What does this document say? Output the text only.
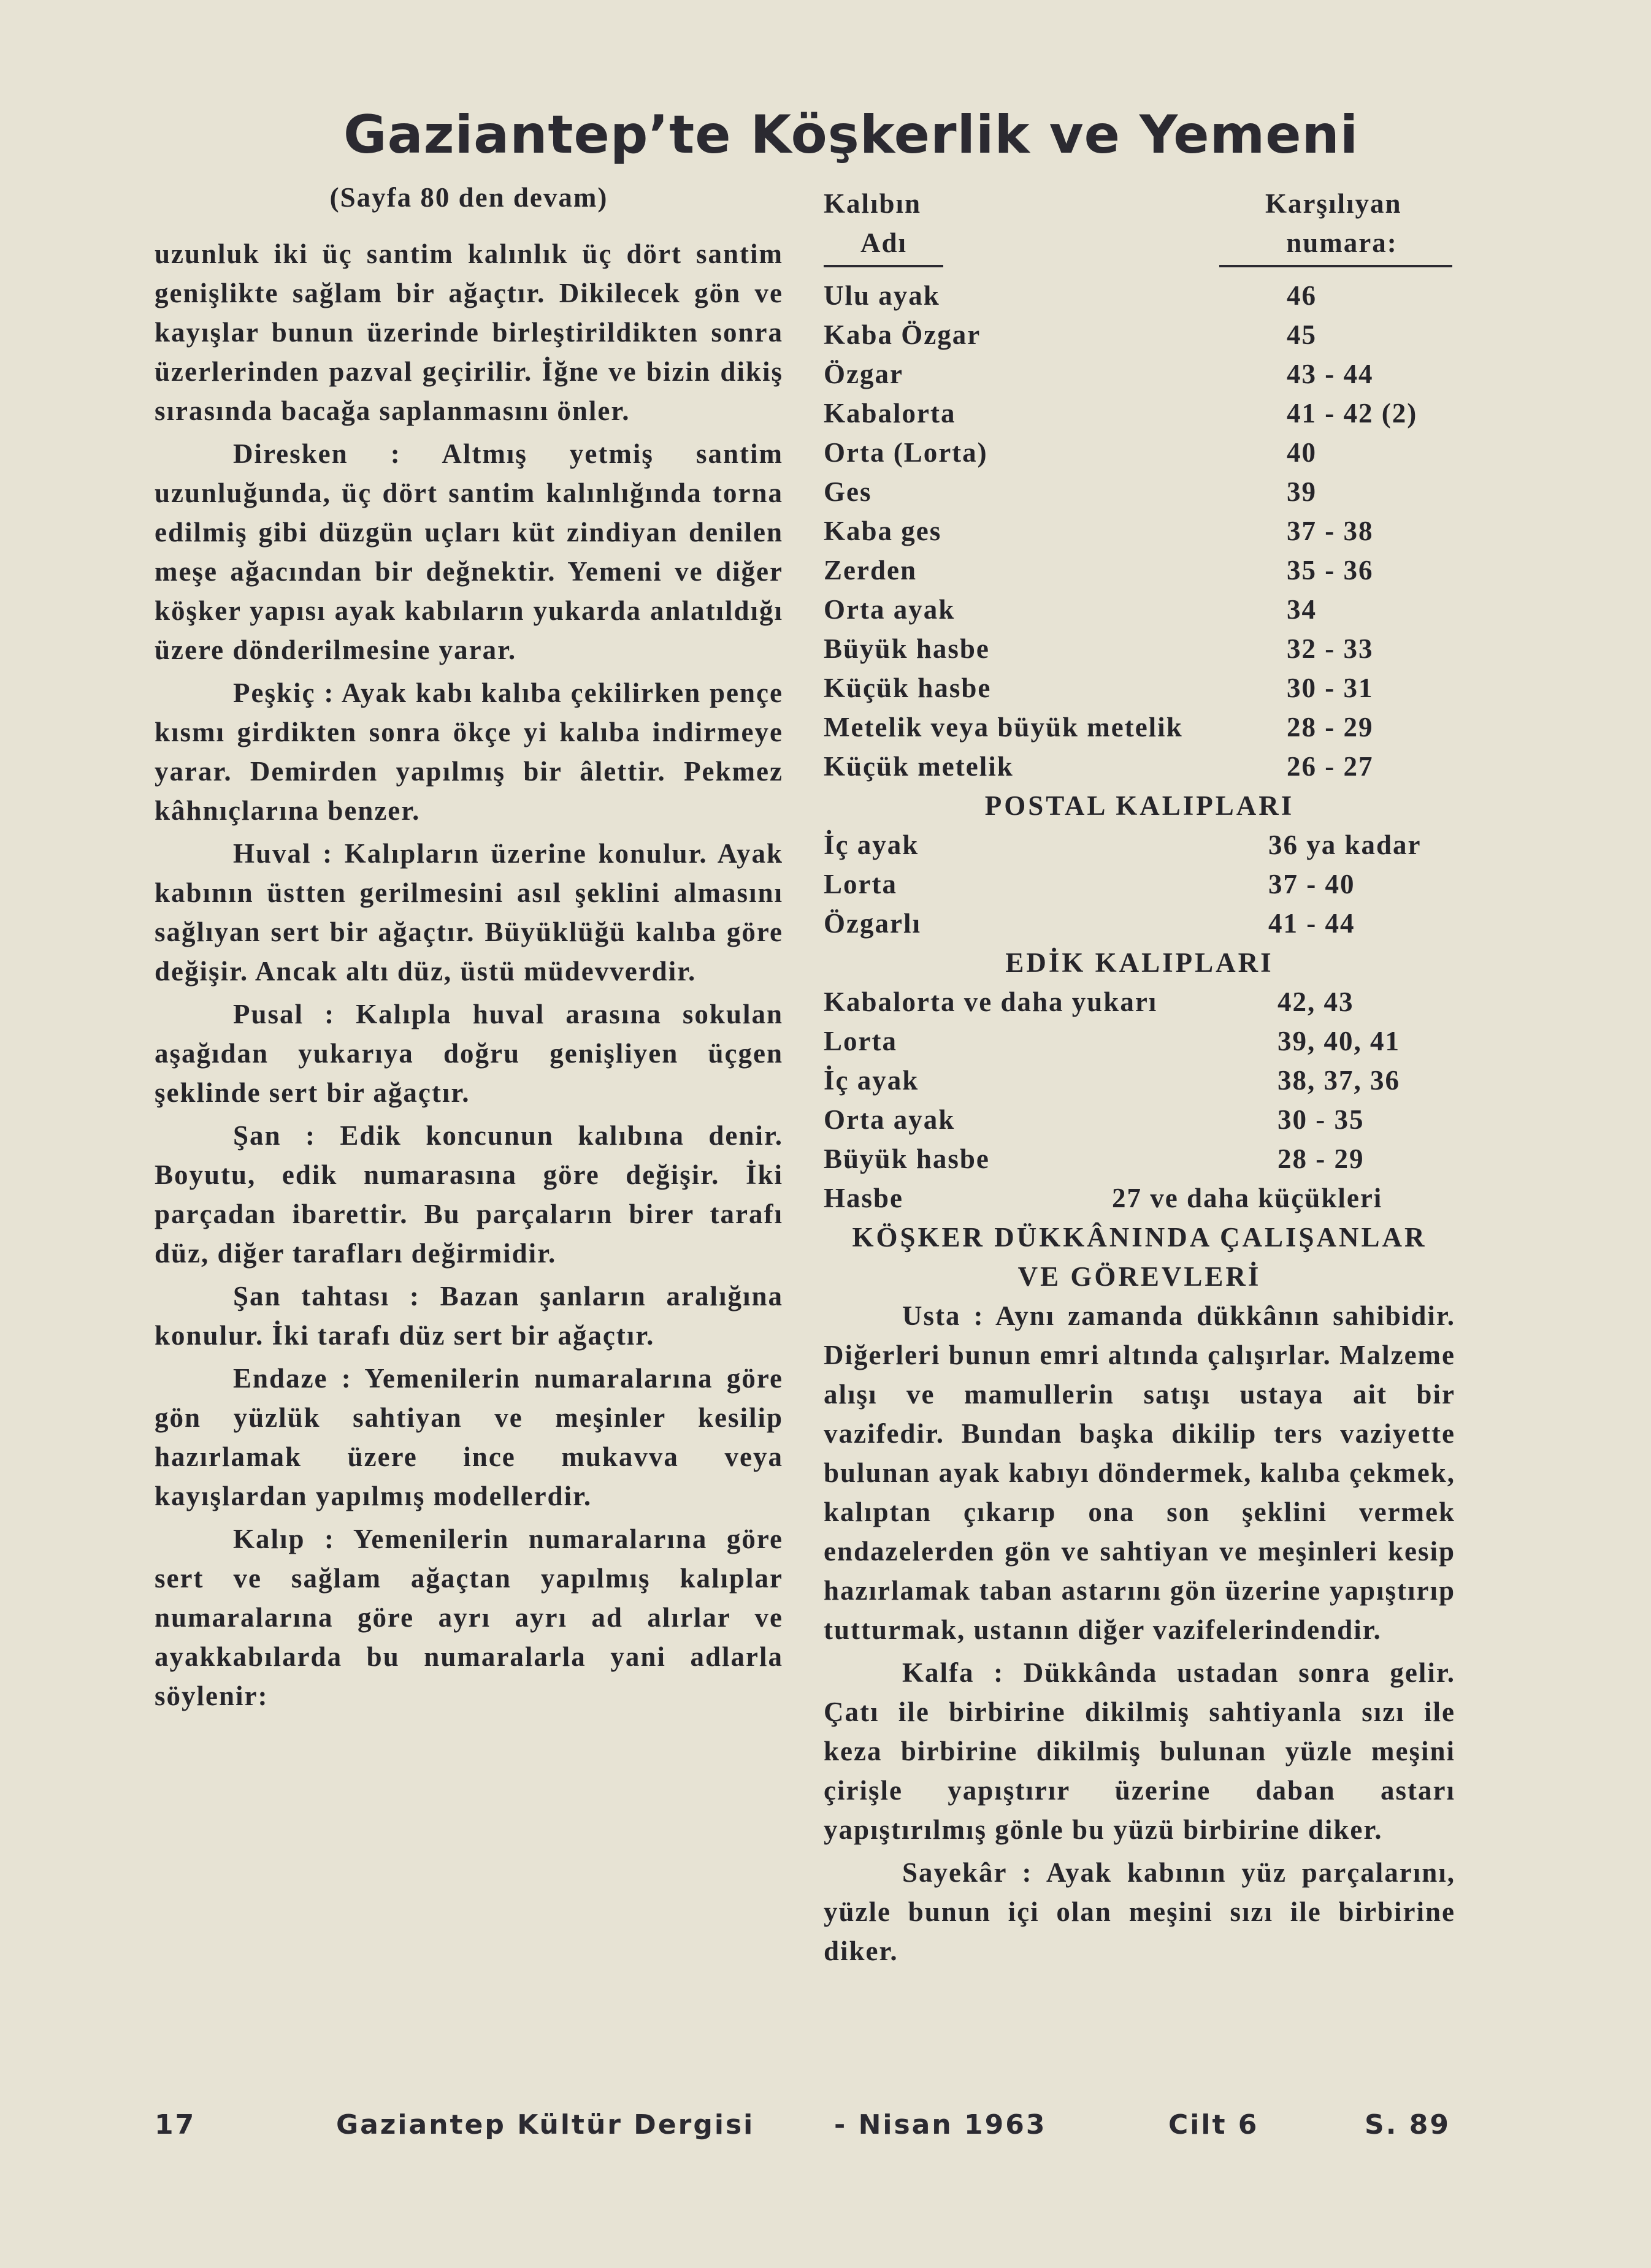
Gaziantep’te Köşkerlik ve Yemeni
(Sayfa 80 den devam)

uzunluk iki üç santim kalınlık üç dört santim genişlikte sağlam bir ağaçtır. Dikilecek gön ve kayışlar bunun üzerinde birleştirildikten sonra üzerlerinden pazval geçirilir. İğne ve bizin dikiş sırasında bacağa saplanmasını önler.

Diresken : Altmış yetmiş santim uzunluğunda, üç dört santim kalınlığında torna edilmiş gibi düzgün uçları küt zindiyan denilen meşe ağacından bir değnektir. Yemeni ve diğer köşker yapısı ayak kabıların yukarda anlatıldığı üzere dönderilmesine yarar.

Peşkiç : Ayak kabı kalıba çekilirken pençe kısmı girdikten sonra ökçe yi kalıba indirmeye yarar. Demirden yapılmış bir âlettir. Pekmez kâhnıçlarına benzer.

Huval : Kalıpların üzerine konulur. Ayak kabının üstten gerilmesini asıl şeklini almasını sağlıyan sert bir ağaçtır. Büyüklüğü kalıba göre değişir. Ancak altı düz, üstü müdevverdir.

Pusal : Kalıpla huval arasına sokulan aşağıdan yukarıya doğru genişliyen üçgen şeklinde sert bir ağaçtır.

Şan : Edik koncunun kalıbına denir. Boyutu, edik numarasına göre değişir. İki parçadan ibarettir. Bu parçaların birer tarafı düz, diğer tarafları değirmidir.

Şan tahtası : Bazan şanların aralığına konulur. İki tarafı düz sert bir ağaçtır.

Endaze : Yemenilerin numaralarına göre gön yüzlük sahtiyan ve meşinler kesilip hazırlamak üzere ince mukavva veya kayışlardan yapılmış modellerdir.

Kalıp : Yemenilerin numaralarına göre sert ve sağlam ağaçtan yapılmış kalıplar numaralarına göre ayrı ayrı ad alırlar ve ayakkabılarda bu numaralarla yani adlarla söylenir:

Kalıbın
Adı
Karşılıyan
numara:
Ulu ayak	46
Kaba Özgar	45
Özgar	43 - 44
Kabalorta	41 - 42 (2)
Orta (Lorta)	40
Ges	39
Kaba ges	37 - 38
Zerden	35 - 36
Orta ayak	34
Büyük hasbe	32 - 33
Küçük hasbe	30 - 31
Metelik veya büyük metelik	28 - 29
Küçük metelik	26 - 27
POSTAL KALIPLARI
İç ayak	36 ya kadar
Lorta	37 - 40
Özgarlı	41 - 44
EDİK KALIPLARI
Kabalorta ve daha yukarı	42, 43
Lorta	39, 40, 41
İç ayak	38, 37, 36
Orta ayak	30 - 35
Büyük hasbe	28 - 29
Hasbe	27 ve daha küçükleri
KÖŞKER DÜKKÂNINDA ÇALIŞANLAR
VE GÖREVLERİ

Usta : Aynı zamanda dükkânın sahibidir. Diğerleri bunun emri altında çalışırlar. Malzeme alışı ve mamullerin satışı ustaya ait bir vazifedir. Bundan başka dikilip ters vaziyette bulunan ayak kabıyı döndermek, kalıba çekmek, kalıptan çıkarıp ona son şeklini vermek endazelerden gön ve sahtiyan ve meşinleri kesip hazırlamak taban astarını gön üzerine yapıştırıp tutturmak, ustanın diğer vazifelerindendir.

Kalfa : Dükkânda ustadan sonra gelir. Çatı ile birbirine dikilmiş sahtiyanla sızı ile keza birbirine dikilmiş bulunan yüzle meşini çirişle yapıştırır üzerine daban astarı yapıştırılmış gönle bu yüzü birbirine diker.

Sayekâr : Ayak kabının yüz parçalarını, yüzle bunun içi olan meşini sızı ile birbirine diker.

17	Gaziantep Kültür Dergisi	- Nisan 1963	Cilt 6	S. 89
